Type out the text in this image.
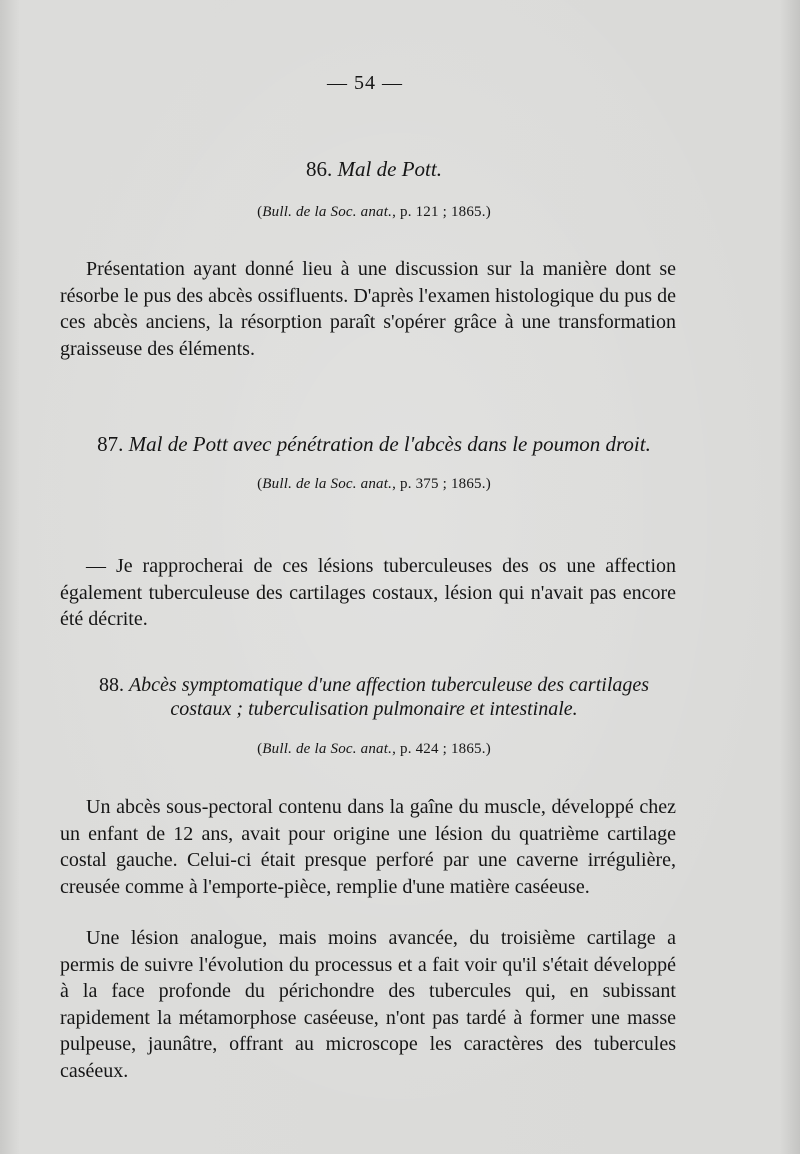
— 54 —
86. Mal de Pott.
(Bull. de la Soc. anat., p. 121 ; 1865.)
Présentation ayant donné lieu à une discussion sur la manière dont se résorbe le pus des abcès ossifluents. D'après l'examen histologique du pus de ces abcès anciens, la résorption paraît s'opérer grâce à une transformation graisseuse des éléments.
87. Mal de Pott avec pénétration de l'abcès dans le poumon droit.
(Bull. de la Soc. anat., p. 375 ; 1865.)
— Je rapprocherai de ces lésions tuberculeuses des os une affection également tuberculeuse des cartilages costaux, lésion qui n'avait pas encore été décrite.
88. Abcès symptomatique d'une affection tuberculeuse des cartilages costaux ; tuberculisation pulmonaire et intestinale.
(Bull. de la Soc. anat., p. 424 ; 1865.)
Un abcès sous-pectoral contenu dans la gaîne du muscle, développé chez un enfant de 12 ans, avait pour origine une lésion du quatrième cartilage costal gauche. Celui-ci était presque perforé par une caverne irrégulière, creusée comme à l'emporte-pièce, remplie d'une matière caséeuse.
Une lésion analogue, mais moins avancée, du troisième cartilage a permis de suivre l'évolution du processus et a fait voir qu'il s'était développé à la face profonde du périchondre des tubercules qui, en subissant rapidement la métamorphose caséeuse, n'ont pas tardé à former une masse pulpeuse, jaunâtre, offrant au microscope les caractères des tubercules caséeux.
